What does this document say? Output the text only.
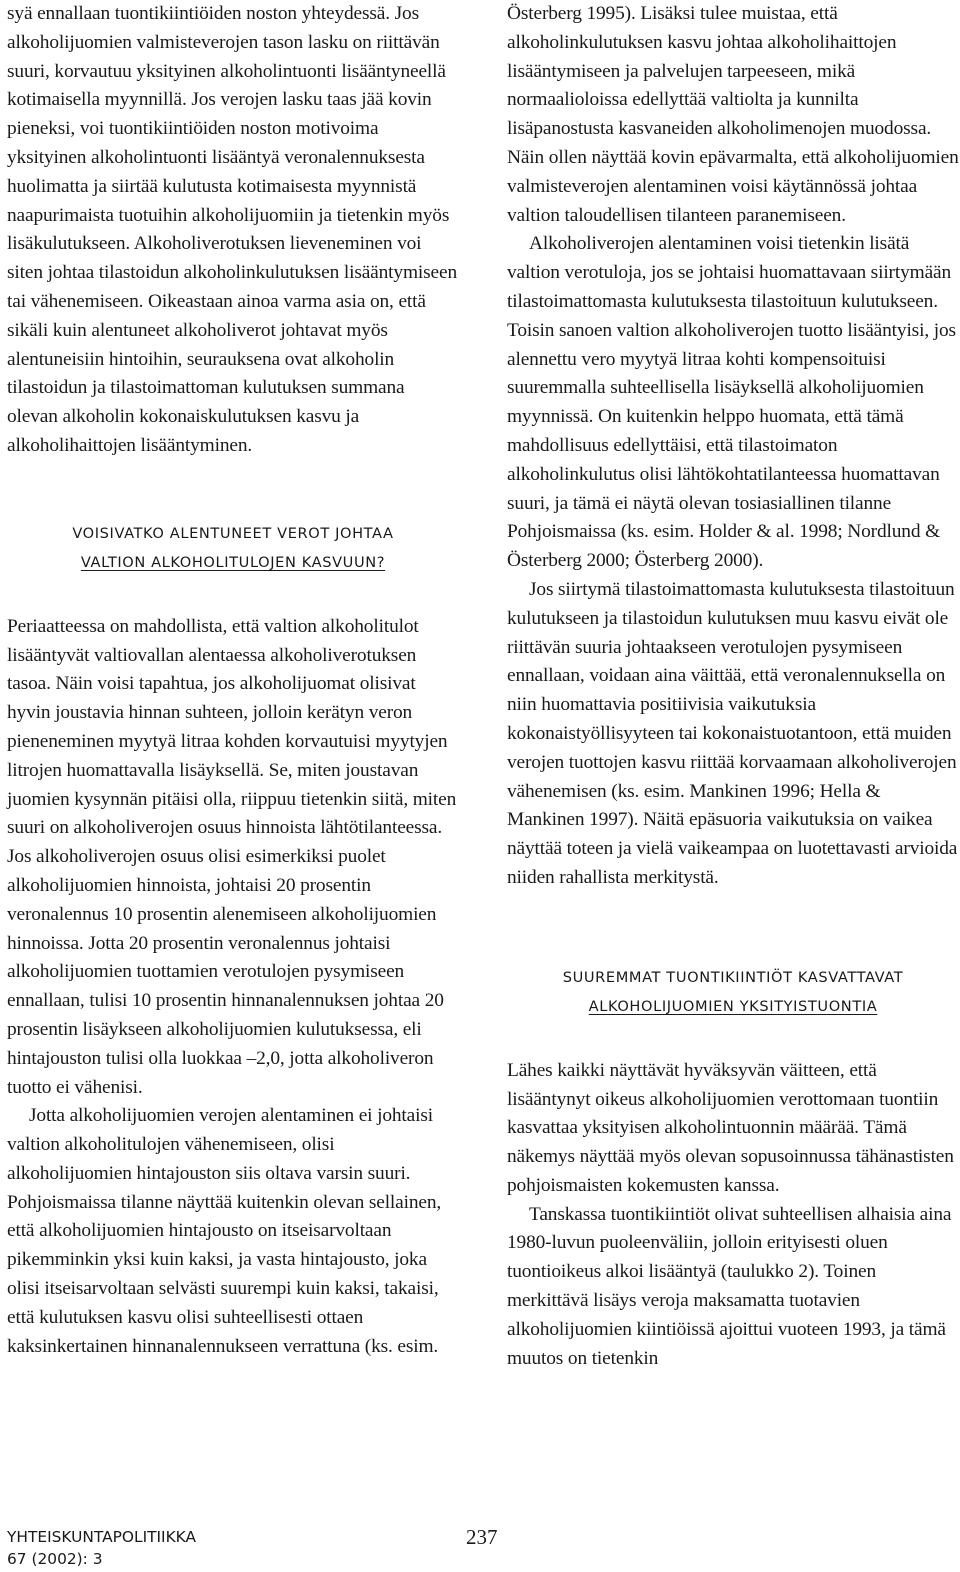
syä ennallaan tuontikiintiöiden noston yhteydessä. Jos alkoholijuomien valmisteverojen tason lasku on riittävän suuri, korvautuu yksityinen alkoholintuonti lisääntyneellä kotimaisella myynnillä. Jos verojen lasku taas jää kovin pieneksi, voi tuontikiintiöiden noston motivoima yksityinen alkoholintuonti lisääntyä veronalennuksesta huolimatta ja siirtää kulutusta kotimaisesta myynnistä naapurimaista tuotuihin alkoholijuomiin ja tietenkin myös lisäkulutukseen. Alkoholiverotuksen lieveneminen voi siten johtaa tilastoidun alkoholinkulutuksen lisääntymiseen tai vähenemiseen. Oikeastaan ainoa varma asia on, että sikäli kuin alentuneet alkoholiverot johtavat myös alentuneisiin hintoihin, seurauksena ovat alkoholin tilastoidun ja tilastoimattoman kulutuksen summana olevan alkoholin kokonaiskulutuksen kasvu ja alkoholihaittojen lisääntyminen.

VOISIVATKO ALENTUNEET VEROT JOHTAA
VALTION ALKOHOLITULOJEN KASVUUN?

Periaatteessa on mahdollista, että valtion alkoholitulot lisääntyvät valtiovallan alentaessa alkoholiverotuksen tasoa. Näin voisi tapahtua, jos alkoholijuomat olisivat hyvin joustavia hinnan suhteen, jolloin kerätyn veron pieneneminen myytyä litraa kohden korvautuisi myytyjen litrojen huomattavalla lisäyksellä. Se, miten joustavan juomien kysynnän pitäisi olla, riippuu tietenkin siitä, miten suuri on alkoholiverojen osuus hinnoista lähtötilanteessa. Jos alkoholiverojen osuus olisi esimerkiksi puolet alkoholijuomien hinnoista, johtaisi 20 prosentin veronalennus 10 prosentin alenemiseen alkoholijuomien hinnoissa. Jotta 20 prosentin veronalennus johtaisi alkoholijuomien tuottamien verotulojen pysymiseen ennallaan, tulisi 10 prosentin hinnanalennuksen johtaa 20 prosentin lisäykseen alkoholijuomien kulutuksessa, eli hintajouston tulisi olla luokkaa –2,0, jotta alkoholiveron tuotto ei vähenisi.

Jotta alkoholijuomien verojen alentaminen ei johtaisi valtion alkoholitulojen vähenemiseen, olisi alkoholijuomien hintajouston siis oltava varsin suuri. Pohjoismaissa tilanne näyttää kuitenkin olevan sellainen, että alkoholijuomien hintajousto on itseisarvoltaan pikemminkin yksi kuin kaksi, ja vasta hintajousto, joka olisi itseisarvoltaan selvästi suurempi kuin kaksi, takaisi, että kulutuksen kasvu olisi suhteellisesti ottaen kaksinkertainen hinnanalennukseen verrattuna (ks. esim.

Österberg 1995). Lisäksi tulee muistaa, että alkoholinkulutuksen kasvu johtaa alkoholihaittojen lisääntymiseen ja palvelujen tarpeeseen, mikä normaalioloissa edellyttää valtiolta ja kunnilta lisäpanostusta kasvaneiden alkoholimenojen muodossa. Näin ollen näyttää kovin epävarmalta, että alkoholijuomien valmisteverojen alentaminen voisi käytännössä johtaa valtion taloudellisen tilanteen paranemiseen.

Alkoholiverojen alentaminen voisi tietenkin lisätä valtion verotuloja, jos se johtaisi huomattavaan siirtymään tilastoimattomasta kulutuksesta tilastoituun kulutukseen. Toisin sanoen valtion alkoholiverojen tuotto lisääntyisi, jos alennettu vero myytyä litraa kohti kompensoituisi suuremmalla suhteellisella lisäyksellä alkoholijuomien myynnissä. On kuitenkin helppo huomata, että tämä mahdollisuus edellyttäisi, että tilastoimaton alkoholinkulutus olisi lähtökohtatilanteessa huomattavan suuri, ja tämä ei näytä olevan tosiasiallinen tilanne Pohjoismaissa (ks. esim. Holder & al. 1998; Nordlund & Österberg 2000; Österberg 2000).

Jos siirtymä tilastoimattomasta kulutuksesta tilastoituun kulutukseen ja tilastoidun kulutuksen muu kasvu eivät ole riittävän suuria johtaakseen verotulojen pysymiseen ennallaan, voidaan aina väittää, että veronalennuksella on niin huomattavia positiivisia vaikutuksia kokonaistyöllisyyteen tai kokonaistuotantoon, että muiden verojen tuottojen kasvu riittää korvaamaan alkoholiverojen vähenemisen (ks. esim. Mankinen 1996; Hella & Mankinen 1997). Näitä epäsuoria vaikutuksia on vaikea näyttää toteen ja vielä vaikeampaa on luotettavasti arvioida niiden rahallista merkitystä.

SUUREMMAT TUONTIKIINTIÖT KASVATTAVAT
ALKOHOLIJUOMIEN YKSITYISTUONTIA

Lähes kaikki näyttävät hyväksyvän väitteen, että lisääntynyt oikeus alkoholijuomien verottomaan tuontiin kasvattaa yksityisen alkoholintuonnin määrää. Tämä näkemys näyttää myös olevan sopusoinnussa tähänastisten pohjoismaisten kokemusten kanssa.

Tanskassa tuontikiintiöt olivat suhteellisen alhaisia aina 1980-luvun puoleenväliin, jolloin erityisesti oluen tuontioikeus alkoi lisääntyä (taulukko 2). Toinen merkittävä lisäys veroja maksamatta tuotavien alkoholijuomien kiintiöissä ajoittui vuoteen 1993, ja tämä muutos on tietenkin

YHTEISKUNTAPOLITIIKKA
67 (2002): 3
237
